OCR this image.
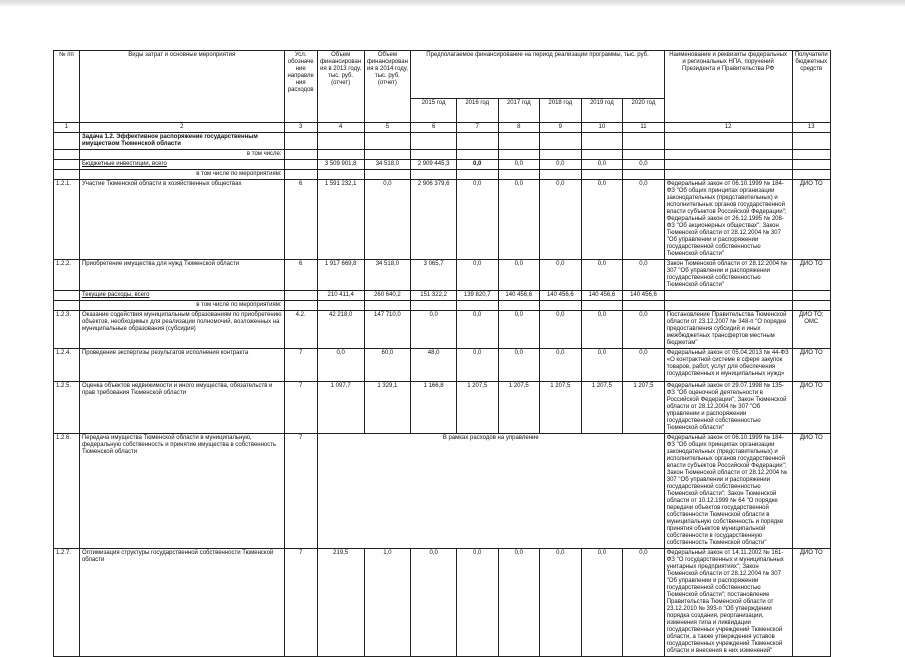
№ пп	Виды затрат и основные мероприятия	Усл. обозначение направления расходов	Объем финансирования в 2013 году, тыс. руб. (отчет)	Объем финансирования в 2014 году, тыс. руб. (отчет)	Предполагаемое финансирование на период реализации программы, тыс. руб.						Наименование и реквизиты федеральных и региональных НПА, поручений Президента и Правительства РФ	Получатели бюджетных средств
					2015 год	2016 год	2017 год	2018 год	2019 год	2020 год		
1	2	3	4	5	6	7	8	9	10	11	12	13
	Задача 1.2. Эффективное распоряжение государственным имуществом Тюменской области											
	в том числе:											
	Бюджетные инвестиции, всего		3 509 901,8	34 518,0	2 909 445,3	0,0	0,0	0,0	0,0	0,0		
	в том числе по мероприятиям:											
1.2.1.	Участие Тюменской области в хозяйственных обществах	6	1 591 232,1	0,0	2 906 379,6	0,0	0,0	0,0	0,0	0,0	Федеральный закон от 06.10.1999 № 184-ФЗ "Об общих принципах организации законодательных (представительных) и исполнительных органов государственной власти субъектов Российской Федерации"; Федеральный закон от 26.12.1995 № 208-ФЗ "Об акционерных обществах"; Закон Тюменской области от 28.12.2004 № 307 "Об управлении и распоряжении государственной собственностью Тюменской области"	ДИО ТО
1.2.2.	Приобретение имущества для нужд Тюменской области	6	1 917 669,8	34 518,0	3 065,7	0,0	0,0	0,0	0,0	0,0	Закон Тюменской области от 28.12.2004 № 307 "Об управлении и распоряжении государственной собственностью Тюменской области"	ДИО ТО
	Текущие расходы, всего		210 411,4	260 640,2	151 322,2	139 820,7	140 456,6	140 456,6	140 456,6	140 456,6		
	в том числе по мероприятиям:											
1.2.3.	Оказание содействия муниципальным образованиям по приобретению объектов, необходимых для реализации полномочий, возложенных на муниципальные образования (субсидия)	4.2.	42 218,0	147 710,0	0,0	0,0	0,0	0,0	0,0	0,0	Постановление Правительства Тюменской области от 23.12.2007 № 348-п "О порядке предоставления субсидий и иных межбюджетных трансфертов местным бюджетам"	ДИО ТО; ОМС
1.2.4.	Проведение экспертизы результатов исполнения контракта	7	0,0	60,0	48,0	0,0	0,0	0,0	0,0	0,0	Федеральный закон от 05.04.2013 № 44-ФЗ «О контрактной системе в сфере закупок товаров, работ, услуг для обеспечения государственных и муниципальных нужд»	ДИО ТО
1.2.5.	Оценка объектов недвижимости и иного имущества, обязательств и прав требования Тюменской области	7	1 097,7	1 329,1	1 166,8	1 207,5	1 207,5	1 207,5	1 207,5	1 207,5	Федеральный закон от 29.07.1998 № 135-ФЗ "Об оценочной деятельности в Российской Федерации"; Закон Тюменской области от 28.12.2004 № 307 "Об управлении и распоряжении государственной собственностью Тюменской области"	ДИО ТО
1.2.6.	Передача имущества Тюменской области в муниципальную, федеральную собственность и принятие имущества в собственность Тюменской области	7	В рамках расходов на управление								Федеральный закон от 06.10.1999 № 184-ФЗ "Об общих принципах организации законодательных (представительных) и исполнительных органов государственной власти субъектов Российской Федерации"; Закон Тюменской области от 28.12.2004 № 307 "Об управлении и распоряжении государственной собственностью Тюменской области"; Закон Тюменской области от 10.12.1999 № 64 "О порядке передачи объектов государственной собственности Тюменской области в муниципальную собственность и порядке принятия объектов муниципальной собственности в государственную собственность Тюменской области"	ДИО ТО
1.2.7.	Оптимизация структуры государственной собственности Тюменской области	7	219,5	1,0	0,0	0,0	0,0	0,0	0,0	0,0	Федеральный закон от 14.11.2002 № 161-ФЗ "О государственных и муниципальных унитарных предприятиях"; Закон Тюменской области от 28.12.2004 № 307 "Об управлении и распоряжении государственной собственностью Тюменской области"; постановление Правительства Тюменской области от 23.12.2010 № 393-п "Об утверждении порядка создания, реорганизации, изменения типа и ликвидации государственных учреждений Тюменской области, а также утверждения уставов государственных учреждений Тюменской области и внесения в них изменений"	ДИО ТО
